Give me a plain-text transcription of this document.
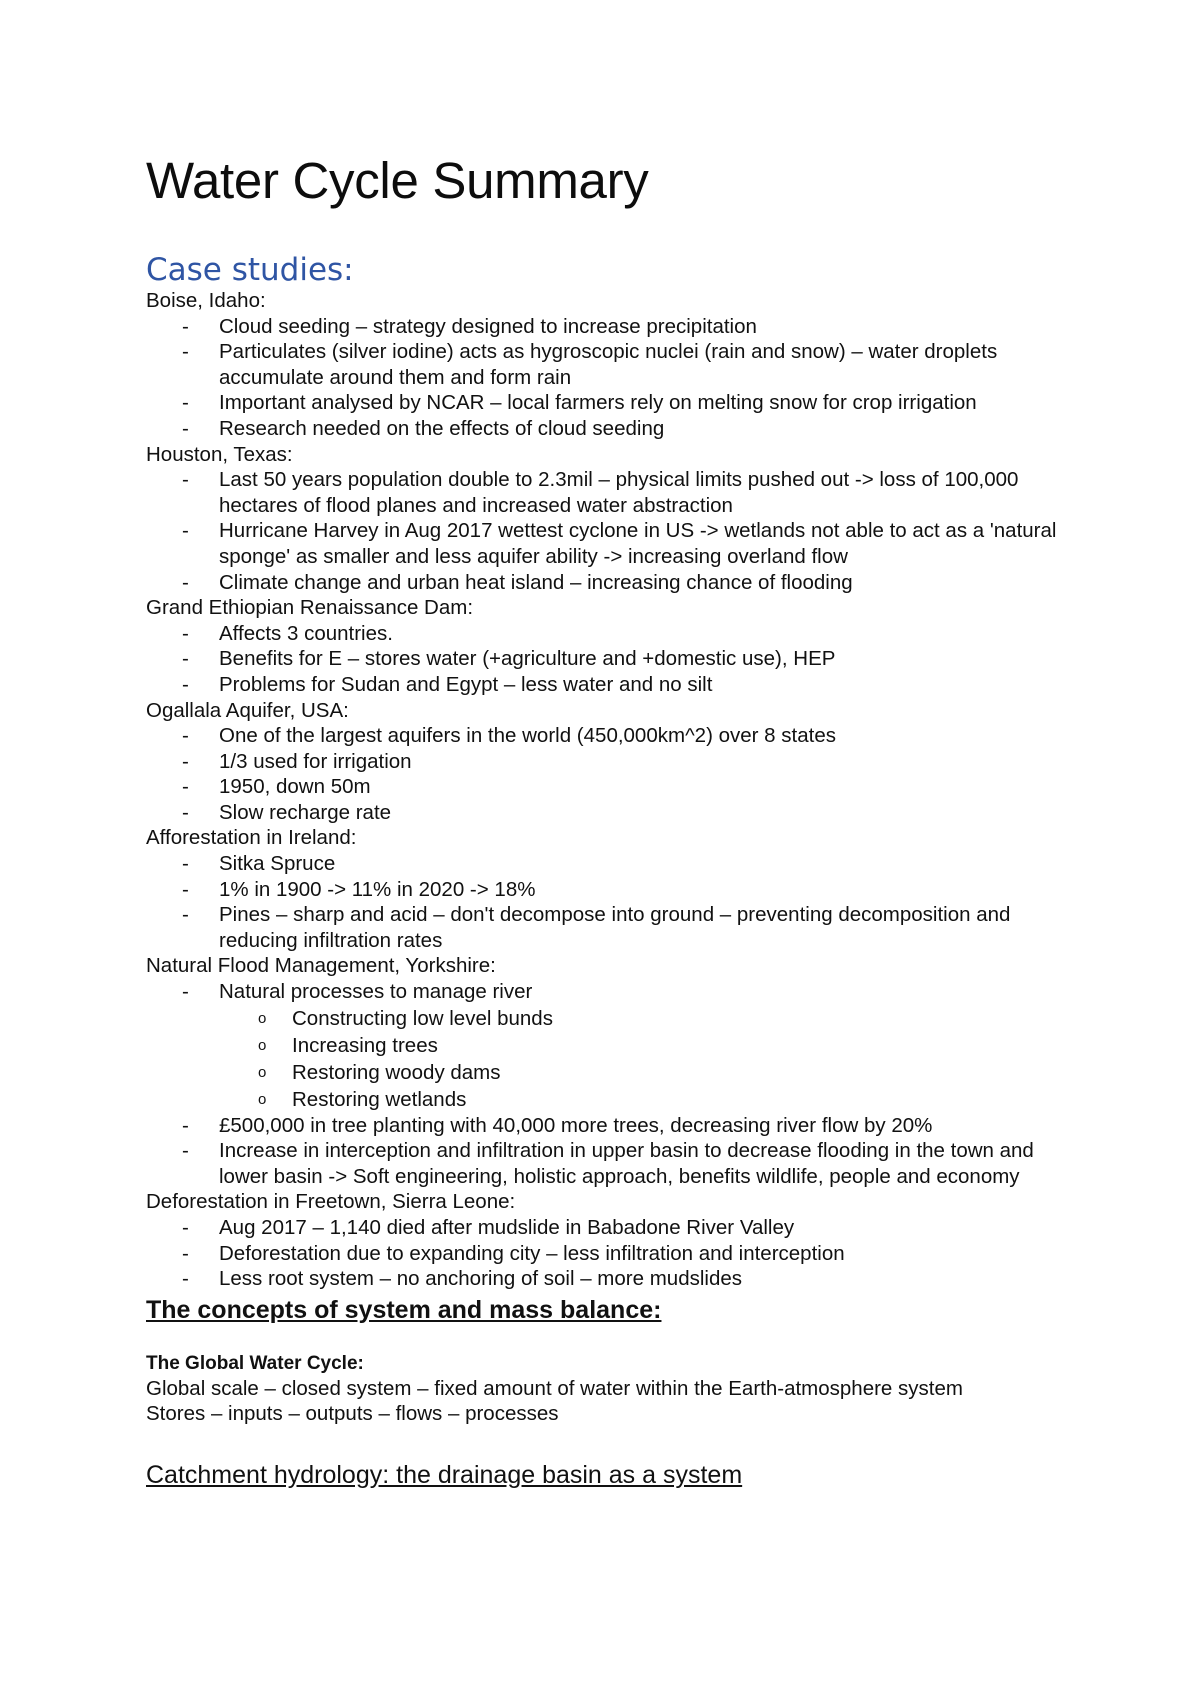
Water Cycle Summary
Case studies:

Boise, Idaho:

- Cloud seeding – strategy designed to increase precipitation
- Particulates (silver iodine) acts as hygroscopic nuclei (rain and snow) – water droplets accumulate around them and form rain
- Important analysed by NCAR – local farmers rely on melting snow for crop irrigation
- Research needed on the effects of cloud seeding

Houston, Texas:

- Last 50 years population double to 2.3mil – physical limits pushed out -> loss of 100,000 hectares of flood planes and increased water abstraction
- Hurricane Harvey in Aug 2017 wettest cyclone in US -> wetlands not able to act as a 'natural sponge' as smaller and less aquifer ability -> increasing overland flow
- Climate change and urban heat island – increasing chance of flooding

Grand Ethiopian Renaissance Dam:

- Affects 3 countries.
- Benefits for E – stores water (+agriculture and +domestic use), HEP
- Problems for Sudan and Egypt – less water and no silt

Ogallala Aquifer, USA:

- One of the largest aquifers in the world (450,000km^2) over 8 states
- 1/3 used for irrigation
- 1950, down 50m
- Slow recharge rate

Afforestation in Ireland:

- Sitka Spruce
- 1% in 1900 -> 11% in 2020 -> 18%
- Pines – sharp and acid – don't decompose into ground – preventing decomposition and reducing infiltration rates

Natural Flood Management, Yorkshire:

- Natural processes to manage river
o Constructing low level bunds
o Increasing trees
o Restoring woody dams
o Restoring wetlands
- £500,000 in tree planting with 40,000 more trees, decreasing river flow by 20%
- Increase in interception and infiltration in upper basin to decrease flooding in the town and lower basin -> Soft engineering, holistic approach, benefits wildlife, people and economy

Deforestation in Freetown, Sierra Leone:

- Aug 2017 – 1,140 died after mudslide in Babadone River Valley
- Deforestation due to expanding city – less infiltration and interception
- Less root system – no anchoring of soil – more mudslides

The concepts of system and mass balance:

The Global Water Cycle:

Global scale – closed system – fixed amount of water within the Earth-atmosphere system

Stores – inputs – outputs – flows – processes

Catchment hydrology: the drainage basin as a system
